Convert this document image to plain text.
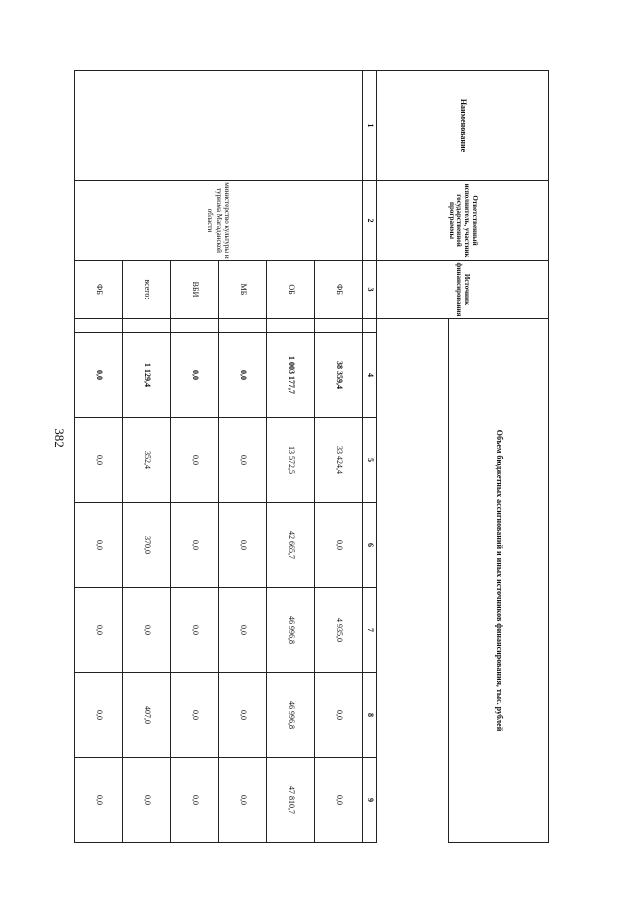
382
Наименование	Ответственный исполнитель, участник государственной программы	Источник финансирования	Объем бюджетных ассигнований и иных источников финансирования, тыс. рублей						

1	2	3		4	5	6	7	8	9
	министерство культуры и туризма Магаданской области	ФБ		38 359,4	33 424,4	0,0	4 935,0	0,0	0,0
		ОБ		1 003 177,7	13 572,5	42 665,7	46 996,8	46 996,8	47 810,7
		МБ		0,0	0,0	0,0	0,0	0,0	0,0
		ВБИ		0,0	0,0	0,0	0,0	0,0	0,0
		всего:		1 129,4	352,4	370,0	0,0	407,0	0,0
		ФБ		0,0	0,0	0,0	0,0	0,0	0,0
